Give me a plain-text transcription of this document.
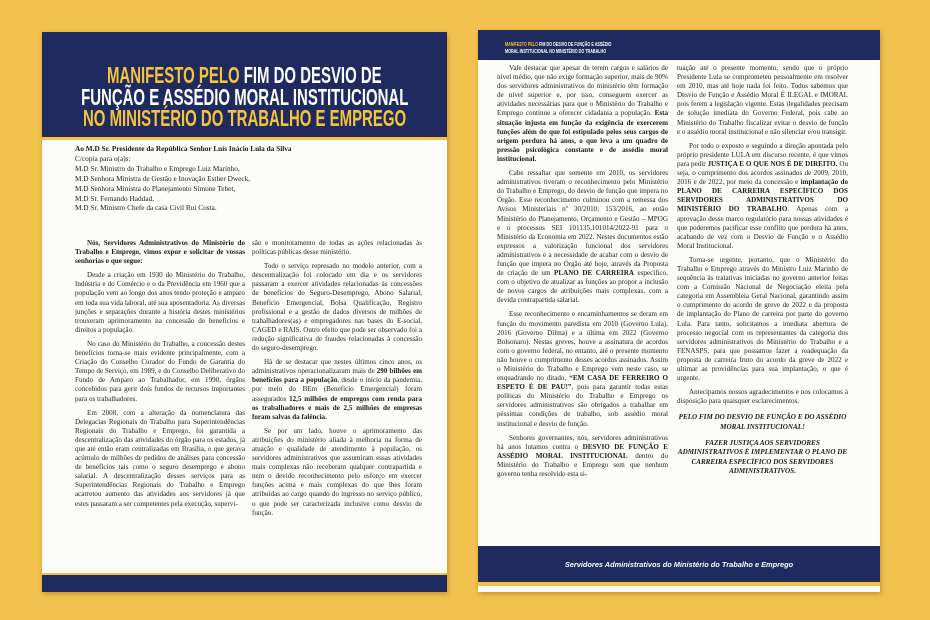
MANIFESTO PELO FIM DO DESVIO DE
FUNÇÃO E ASSÉDIO MORAL INSTITUCIONAL
NO MINISTÉRIO DO TRABALHO E EMPREGO
Ao M.D Sr. Presidente da República Senhor Luís Inácio Lula da Silva
C/copia para o(a)s:
M.D Sr. Ministro do Trabalho e Emprego Luiz Marinho,
M.D Senhora Ministra de Gestão e Inovação Esther Dweck,
M.D Senhora Ministra do Planejamento Simone Tebet,
M.D Sr. Fernando Haddad,
M.D Sr. Ministro Chefe da casa Civil Rui Costa.

Nós, Servidores Administrativos do Ministério do Trabalho e Emprego, vimos expor e solicitar de vossas senhorias o que segue:

Desde a criação em 1930 do Ministério do Trabalho, Indústria e do Comércio e o da Previdência em 1960 que a população vem ao longo dos anos tendo proteção e amparo em toda sua vida laboral, até sua aposentadoria. As diversas junções e separações durante a história destes ministérios trouxeram aprimoramento na concessão de benefícios e direitos a população.

No caso do Ministério do Trabalho, a concessão destes benefícios torna-se mais evidente principalmente, com a Criação do Conselho Curador do Fundo de Garantia do Tempo de Serviço, em 1989, e do Conselho Deliberativo do Fundo de Amparo ao Trabalhador, em 1990, órgãos concebidos para gerir dois fundos de recursos importantes para os trabalhadores.

Em 2008, com a alteração da nomenclatura das Delegacias Regionais do Trabalho para Superintendências Regionais do Trabalho e Emprego, foi garantida a descentralização das atividades do órgão para os estados, já que até então eram centralizadas em Brasília, o que gerava acúmulo de milhões de pedidos de análises para concessão de benefícios tais como o seguro desemprego e abono salarial. A descentralização desses serviços para as Superintendências Regionais do Trabalho e Emprego acarretou aumento das atividades aos servidores já que estes passaram a ser competentes pela execução, supervi-

são e monitoramento de todas as ações relacionadas às políticas públicas desse ministério.

Todo o serviço represado no modelo anterior, com a descentralização foi colocado em dia e os servidores passaram a exercer atividades relacionadas às concessões de benefícios do Seguro-Desemprego, Abono Salarial, Benefício Emergencial, Bolsa Qualificação, Registro profissional e a gestão de dados diversos de milhões de trabalhadores(as) e empregadores nas bases do E-social, CAGED e RAIS. Outro efeito que pode ser observado foi a redução significativa de fraudes relacionadas à concessão do seguro-desemprego.

Há de se destacar que nestes últimos cinco anos, os administrativos operacionalizaram mais de 290 bilhões em benefícios para a população, desde o início da pandemia, por meio do BEm (Benefício Emergencial) foram assegurados 12,5 milhões de empregos com renda para os trabalhadores e mais de 2,5 milhões de empresas foram salvas da falência.

Se por um lado, houve o aprimoramento das atribuições do ministério aliada à melhoria na forma de atuação e qualidade de atendimento à população, os servidores administrativos que assumiram essas atividades mais complexas não receberam qualquer contrapartida e nem o devido reconhecimento pelo esforço em exercer funções acima e mais complexas do que lhes foram atribuídas ao cargo quando do ingresso no serviço público, o que pode ser caracterizada inclusive como desvio de função.

MANIFESTO PELO FIM DO DESVIO DE FUNÇÃO E ASSÉDIO
MORAL INSTITUCIONAL NO MINISTÉRIO DO TRABALHO

Vale destacar que apesar de terem cargos e salários de nível médio, que não exige formação superior, mais de 90% dos servidores administrativos do ministério têm formação de nível superior e, por isso, conseguem exercer as atividades necessárias para que o Ministério do Trabalho e Emprego continue a oferecer cidadania a população. Esta situação injusta em função da exigência de exercerem funções além do que foi estipulado pelos seus cargos de origem perdura há anos, o que leva a um quadro de pressão psicológica constante e de assédio moral institucional.

Cabe ressaltar que somente em 2010, os servidores administrativos tiveram o reconhecimento pelo Ministério do Trabalho e Emprego, do desvio de função que impera no Órgão. Esse reconhecimento culminou com a remessa dos Avisos Ministeriais nº 30/2010; 153/2016, ao então Ministério do Planejamento, Orçamento e Gestão – MPOG e o processos SEI 101135.101014/2022-91 para o Ministério da Economia em 2022. Nestes documentos estão expressos a valorização funcional dos servidores administrativos e a necessidade de acabar com o desvio de função que impera no Órgão até hoje, através da Proposta de criação de um PLANO DE CARREIRA específico, com o objetivo de atualizar as funções ao propor a inclusão de novos cargos de atribuições mais complexas, com a devida contrapartida salarial.

Esse reconhecimento e encaminhamentos se deram em função do movimento paredista em 2010 (Governo Lula), 2016 (Governo Dilma) e a última em 2022 (Governo Bolsonaro). Nestas greves, houve a assinatura de acordos com o governo federal, no entanto, até o presente momento não houve o cumprimento desses acordos assinados. Assim o Ministério do Trabalho e Emprego vem neste caso, se enquadrando no ditado, “EM CASA DE FERREIRO O ESPETO É DE PAU!”, pois para garantir todas estas políticas do Ministério do Trabalho e Emprego os servidores administrativos são obrigados a trabalhar em péssimas condições de trabalho, sob assédio moral institucional e desvio de função.

Senhores governantes, nós, servidores administrativos há anos lutamos contra o DESVIO DE FUNÇÃO E ASSÉDIO MORAL INSTITUCIONAL dentro do Ministério do Trabalho e Emprego sem que nenhum governo tenha resolvido esta si-

tuação até o presente momento, sendo que o próprio Presidente Lula se comprometeu pessoalmente em resolver em 2010, mas até hoje nada foi feito. Todos sabemos que Desvio de Função e Assédio Moral É ILEGAL e IMORAL pois ferem a legislação vigente. Estas ilegalidades precisam de solução imediata do Governo Federal, pois cabe ao Ministério do Trabalho fiscalizar evitar o desvio de função e o assédio moral institucional e não silenciar e/ou transigir.

Por todo o exposto e seguindo a direção apontada pelo próprio presidente LULA em discurso recente, é que vimos para pedir JUSTIÇA E O QUE NOS É DE DIREITO. Ou seja, o cumprimento dos acordos assinados de 2009, 2010, 2016 e de 2022, por meio da concessão e implantação do PLANO DE CARREIRA ESPECÍFICO DOS SERVIDORES ADMINISTRATIVOS DO MINISTÉRIO DO TRABALHO. Apenas com a aprovação desse marco regulatório para nossas atividades é que poderemos pacificar esse conflito que perdura há anos, acabando de vez com o Desvio de Função e o Assédio Moral Institucional.

Torna-se urgente, portanto, que o Ministério do Trabalho e Emprego através do Ministro Luiz Marinho de sequência às tratativas iniciadas no governo anterior feitas com a Comissão Nacional de Negociação eleita pela categoria em Assembleia Geral Nacional, garantindo assim o cumprimento do acordo de greve de 2022 e da proposta de implantação do Plano de carreira por parte do governo Lula. Para tanto, solicitamos a imediata abertura de processo negocial com os representantes da categoria dos servidores administrativos do Ministério do Trabalho e a FENASPS, para que possamos fazer a readequação da proposta de carreira fruto do acordo da greve de 2022 e ultimar as providências para sua implantação, o que é urgente.

Antecipamos nossos agradecimentos e nos colocamos à disposição para quaisquer esclarecimentos.

PELO FIM DO DESVIO DE FUNÇÃO E DO ASSÉDIO MORAL INSTITUCIONAL!

FAZER JUSTIÇA AOS SERVIDORES ADMINISTRATIVOS É IMPLEMENTAR O PLANO DE CARREIRA ESPECÍFICO DOS SERVIDORES ADMINISTRATIVOS.

Servidores Administrativos do Ministério do Trabalho e Emprego
